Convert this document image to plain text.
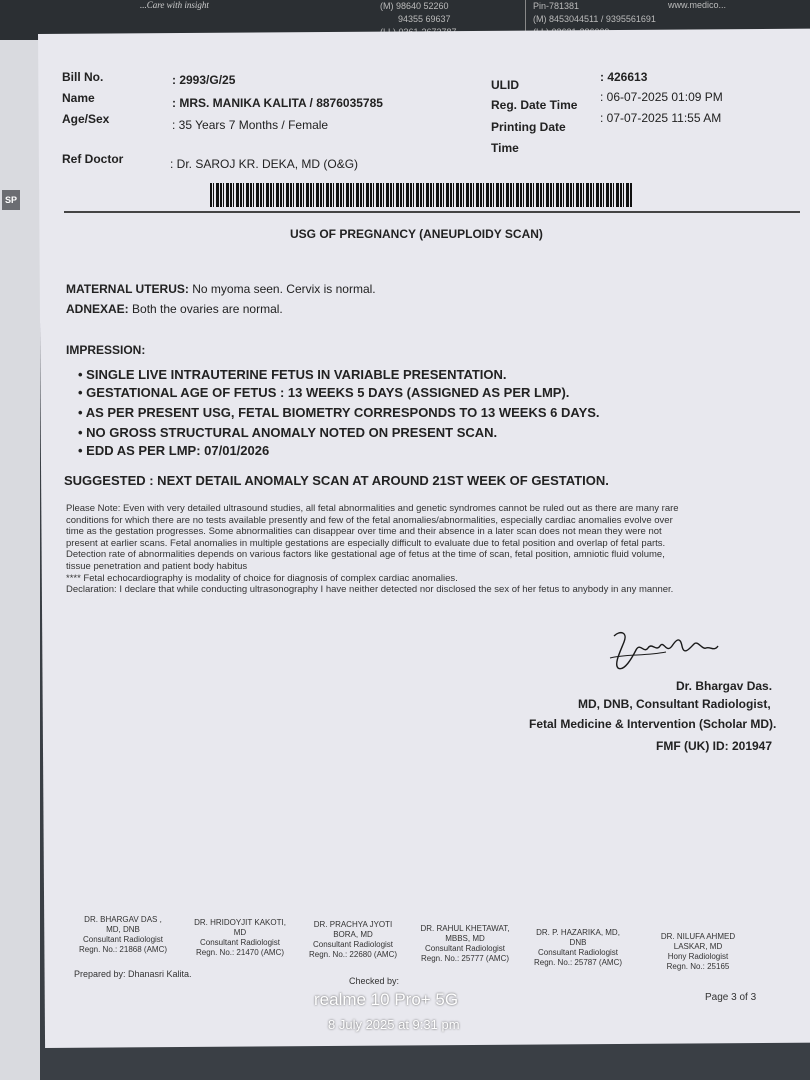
...Care with insight	(M) 98640 52260
94355 69637
Pin-781381
(M) 8453044511 / 9395561691
www.medico...
SP
Bill No.	: 2993/G/25
Name	: MRS. MANIKA KALITA / 8876035785
Age/Sex	: 35 Years 7 Months / Female
Ref Doctor	: Dr. SAROJ KR. DEKA, MD (O&G)
ULID
: 426613
Reg. Date Time
: 06-07-2025 01:09 PM
Printing Date
: 07-07-2025 11:55 AM
Time
USG OF PREGNANCY (ANEUPLOIDY SCAN)
MATERNAL UTERUS: No myoma seen. Cervix is normal.
ADNEXAE: Both the ovaries are normal.
IMPRESSION:
• SINGLE LIVE INTRAUTERINE FETUS IN VARIABLE PRESENTATION.
• GESTATIONAL AGE OF FETUS : 13 WEEKS 5 DAYS (ASSIGNED AS PER LMP).
• AS PER PRESENT USG, FETAL BIOMETRY CORRESPONDS TO 13 WEEKS 6 DAYS.
• NO GROSS STRUCTURAL ANOMALY NOTED ON PRESENT SCAN.
• EDD AS PER LMP: 07/01/2026
SUGGESTED : NEXT DETAIL ANOMALY SCAN AT AROUND 21ST WEEK OF GESTATION.

Please Note: Even with very detailed ultrasound studies, all fetal abnormalities and genetic syndromes cannot be ruled out as there are many rare

conditions for which there are no tests available presently and few of the fetal anomalies/abnormalities, especially cardiac anomalies evolve over

time as the gestation progresses. Some abnormalities can disappear over time and their absence in a later scan does not mean they were not

present at earlier scans. Fetal anomalies in multiple gestations are especially difficult to evaluate due to fetal position and overlap of fetal parts.

Detection rate of abnormalities depends on various factors like gestational age of fetus at the time of scan, fetal position, amniotic fluid volume,

tissue penetration and patient body habitus

**** Fetal echocardiography is modality of choice for diagnosis of complex cardiac anomalies.

Declaration: I declare that while conducting ultrasonography I have neither detected nor disclosed the sex of her fetus to anybody in any manner.

Dr. Bhargav Das.
MD, DNB, Consultant Radiologist,
Fetal Medicine & Intervention (Scholar MD).
FMF (UK) ID: 201947
DR. BHARGAV DAS ,
MD, DNB
Consultant Radiologist
Regn. No.: 21868 (AMC)
DR. HRIDOYJIT KAKOTI,
MD
Consultant Radiologist
Regn. No.: 21470 (AMC)
DR. PRACHYA JYOTI
BORA, MD
Consultant Radiologist
Regn. No.: 22680 (AMC)
DR. RAHUL KHETAWAT,
MBBS, MD
Consultant Radiologist
Regn. No.: 25777 (AMC)
DR. P. HAZARIKA, MD,
DNB
Consultant Radiologist
Regn. No.: 25787 (AMC)
DR. NILUFA AHMED
LASKAR, MD
Hony Radiologist
Regn. No.: 25165
Prepared by: Dhanasri Kalita.
Checked by:
Page 3 of 3
realme 10 Pro+ 5G
8 July 2025 at 9:31 pm
